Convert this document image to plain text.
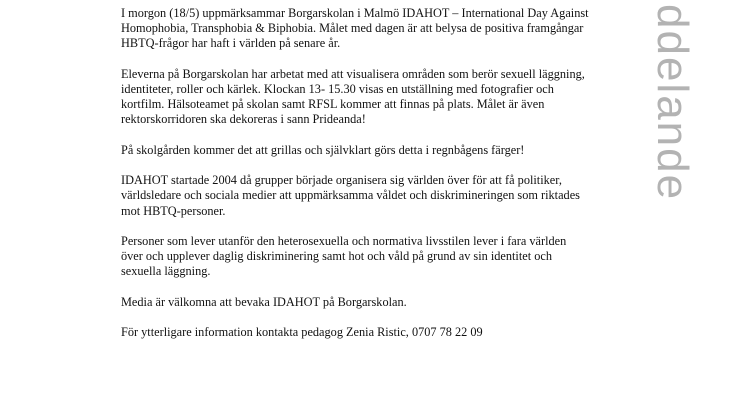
I morgon (18/5) uppmärksammar Borgarskolan i Malmö IDAHOT – International Day Against Homophobia, Transphobia & Biphobia. Målet med dagen är att belysa de positiva framgångar HBTQ-frågor har haft i världen på senare år.

Eleverna på Borgarskolan har arbetat med att visualisera områden som berör sexuell läggning, identiteter, roller och kärlek. Klockan 13- 15.30 visas en utställning med fotografier och kortfilm. Hälsoteamet på skolan samt RFSL kommer att finnas på plats. Målet är även rektorskorridoren ska dekoreras i sann Prideanda!

På skolgården kommer det att grillas och självklart görs detta i regnbågens färger!

IDAHOT startade 2004 då grupper började organisera sig världen över för att få politiker, världsledare och sociala medier att uppmärksamma våldet och diskrimineringen som riktades mot HBTQ-personer.

Personer som lever utanför den heterosexuella och normativa livsstilen lever i fara världen över och upplever daglig diskriminering samt hot och våld på grund av sin identitet och sexuella läggning.

Media är välkomna att bevaka IDAHOT på Borgarskolan.

För ytterligare information kontakta pedagog Zenia Ristic, 0707 78 22 09

ddelande
